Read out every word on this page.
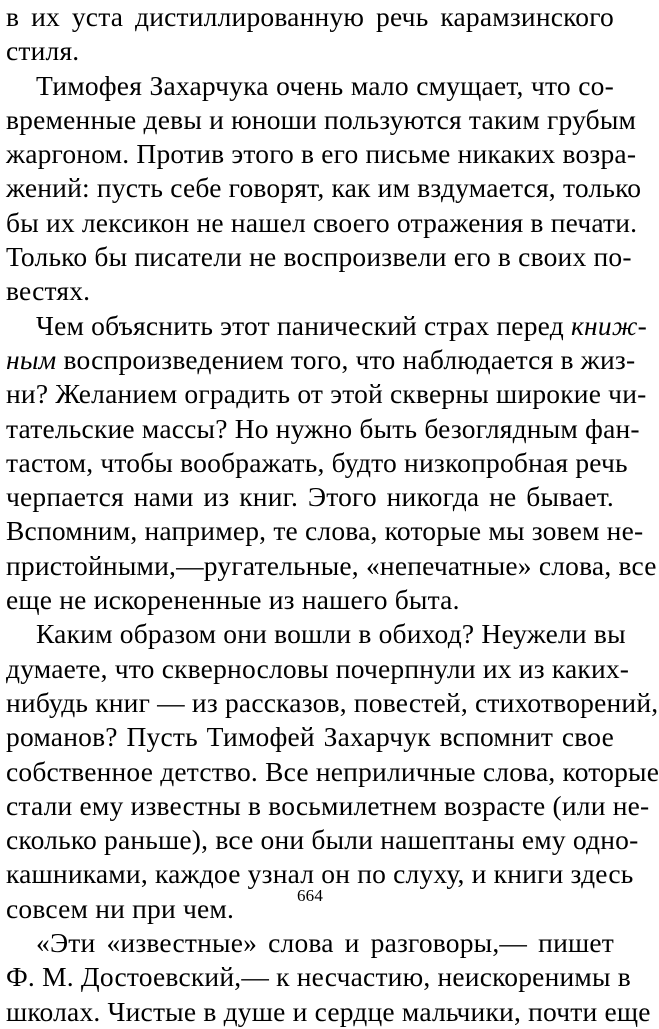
в их уста дистиллированную речь карамзинского
стиля.
Тимофея Захарчука очень мало смущает, что со-
временные девы и юноши пользуются таким грубым
жаргоном. Против этого в его письме никаких возра-
жений: пусть себе говорят, как им вздумается, только
бы их лексикон не нашел своего отражения в печати.
Только бы писатели не воспроизвели его в своих по-
вестях.
Чем объяснить этот панический страх перед книж-
ным воспроизведением того, что наблюдается в жиз-
ни? Желанием оградить от этой скверны широкие чи-
тательские массы? Но нужно быть безоглядным фан-
тастом, чтобы воображать, будто низкопробная речь
черпается нами из книг. Этого никогда не бывает.
Вспомним, например, те слова, которые мы зовем не-
пристойными,—ругательные, «непечатные» слова, все
еще не искорененные из нашего быта.
Каким образом они вошли в обиход? Неужели вы
думаете, что сквернословы почерпнули их из каких-
нибудь книг — из рассказов, повестей, стихотворений,
романов? Пусть Тимофей Захарчук вспомнит свое
собственное детство. Все неприличные слова, которые
стали ему известны в восьмилетнем возрасте (или не-
сколько раньше), все они были нашептаны ему одно-
кашниками, каждое узнал он по слуху, и книги здесь
совсем ни при чем.
«Эти «известные» слова и разговоры,— пишет
Ф. М. Достоевский,— к несчастию, неискоренимы в
школах. Чистые в душе и сердце мальчики, почти еще
664
